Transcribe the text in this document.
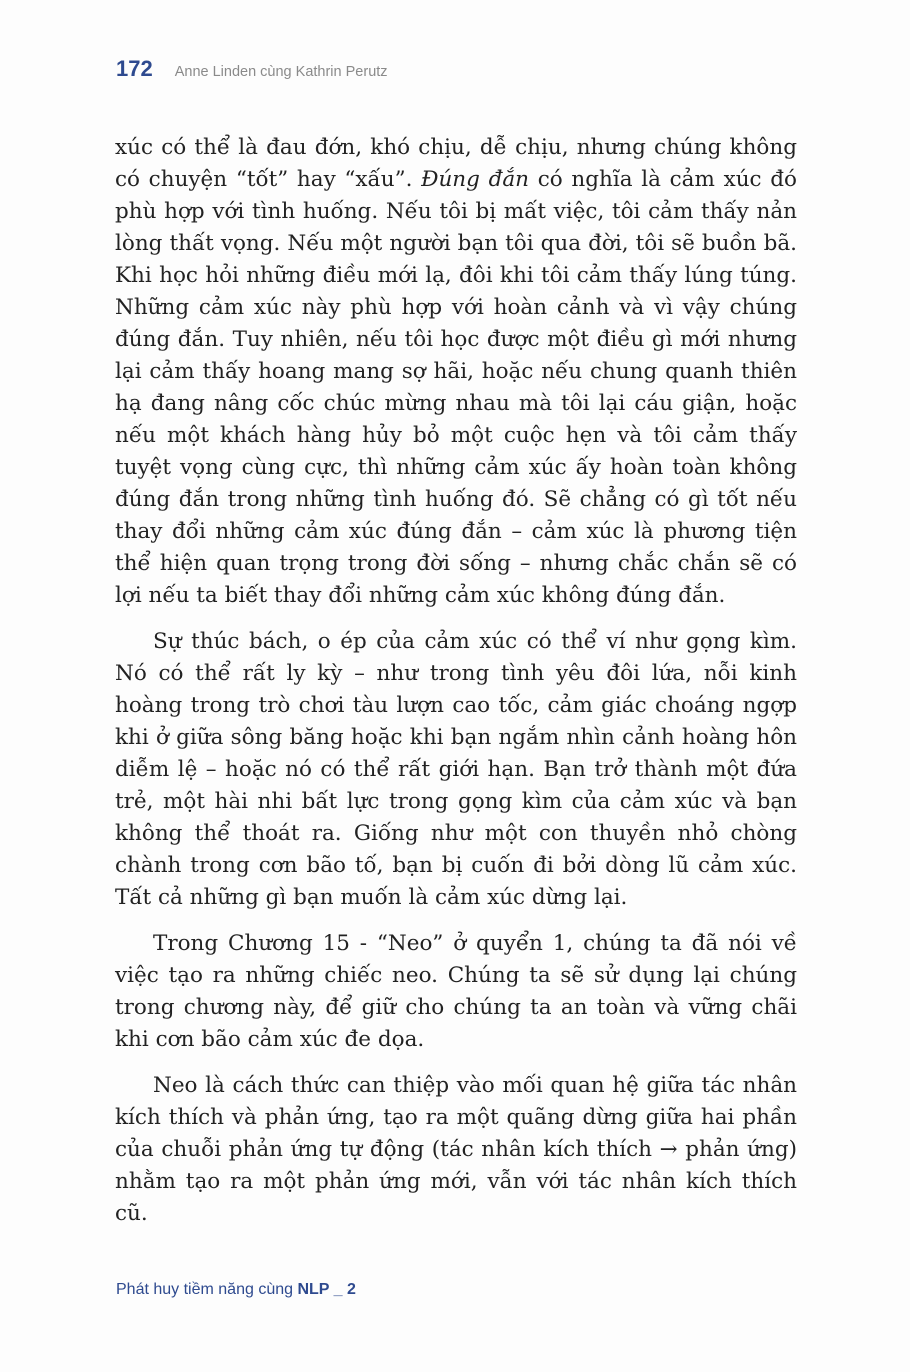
172 Anne Linden cùng Kathrin Perutz

xúc có thể là đau đớn, khó chịu, dễ chịu, nhưng chúng không có chuyện “tốt” hay “xấu”. Đúng đắn có nghĩa là cảm xúc đó phù hợp với tình huống. Nếu tôi bị mất việc, tôi cảm thấy nản lòng thất vọng. Nếu một người bạn tôi qua đời, tôi sẽ buồn bã. Khi học hỏi những điều mới lạ, đôi khi tôi cảm thấy lúng túng. Những cảm xúc này phù hợp với hoàn cảnh và vì vậy chúng đúng đắn. Tuy nhiên, nếu tôi học được một điều gì mới nhưng lại cảm thấy hoang mang sợ hãi, hoặc nếu chung quanh thiên hạ đang nâng cốc chúc mừng nhau mà tôi lại cáu giận, hoặc nếu một khách hàng hủy bỏ một cuộc hẹn và tôi cảm thấy tuyệt vọng cùng cực, thì những cảm xúc ấy hoàn toàn không đúng đắn trong những tình huống đó. Sẽ chẳng có gì tốt nếu thay đổi những cảm xúc đúng đắn – cảm xúc là phương tiện thể hiện quan trọng trong đời sống – nhưng chắc chắn sẽ có lợi nếu ta biết thay đổi những cảm xúc không đúng đắn.

Sự thúc bách, o ép của cảm xúc có thể ví như gọng kìm. Nó có thể rất ly kỳ – như trong tình yêu đôi lứa, nỗi kinh hoàng trong trò chơi tàu lượn cao tốc, cảm giác choáng ngợp khi ở giữa sông băng hoặc khi bạn ngắm nhìn cảnh hoàng hôn diễm lệ – hoặc nó có thể rất giới hạn. Bạn trở thành một đứa trẻ, một hài nhi bất lực trong gọng kìm của cảm xúc và bạn không thể thoát ra. Giống như một con thuyền nhỏ chòng chành trong cơn bão tố, bạn bị cuốn đi bởi dòng lũ cảm xúc. Tất cả những gì bạn muốn là cảm xúc dừng lại.

Trong Chương 15 - “Neo” ở quyển 1, chúng ta đã nói về việc tạo ra những chiếc neo. Chúng ta sẽ sử dụng lại chúng trong chương này, để giữ cho chúng ta an toàn và vững chãi khi cơn bão cảm xúc đe dọa.

Neo là cách thức can thiệp vào mối quan hệ giữa tác nhân kích thích và phản ứng, tạo ra một quãng dừng giữa hai phần của chuỗi phản ứng tự động (tác nhân kích thích → phản ứng) nhằm tạo ra một phản ứng mới, vẫn với tác nhân kích thích cũ.

Phát huy tiềm năng cùng NLP _ 2
